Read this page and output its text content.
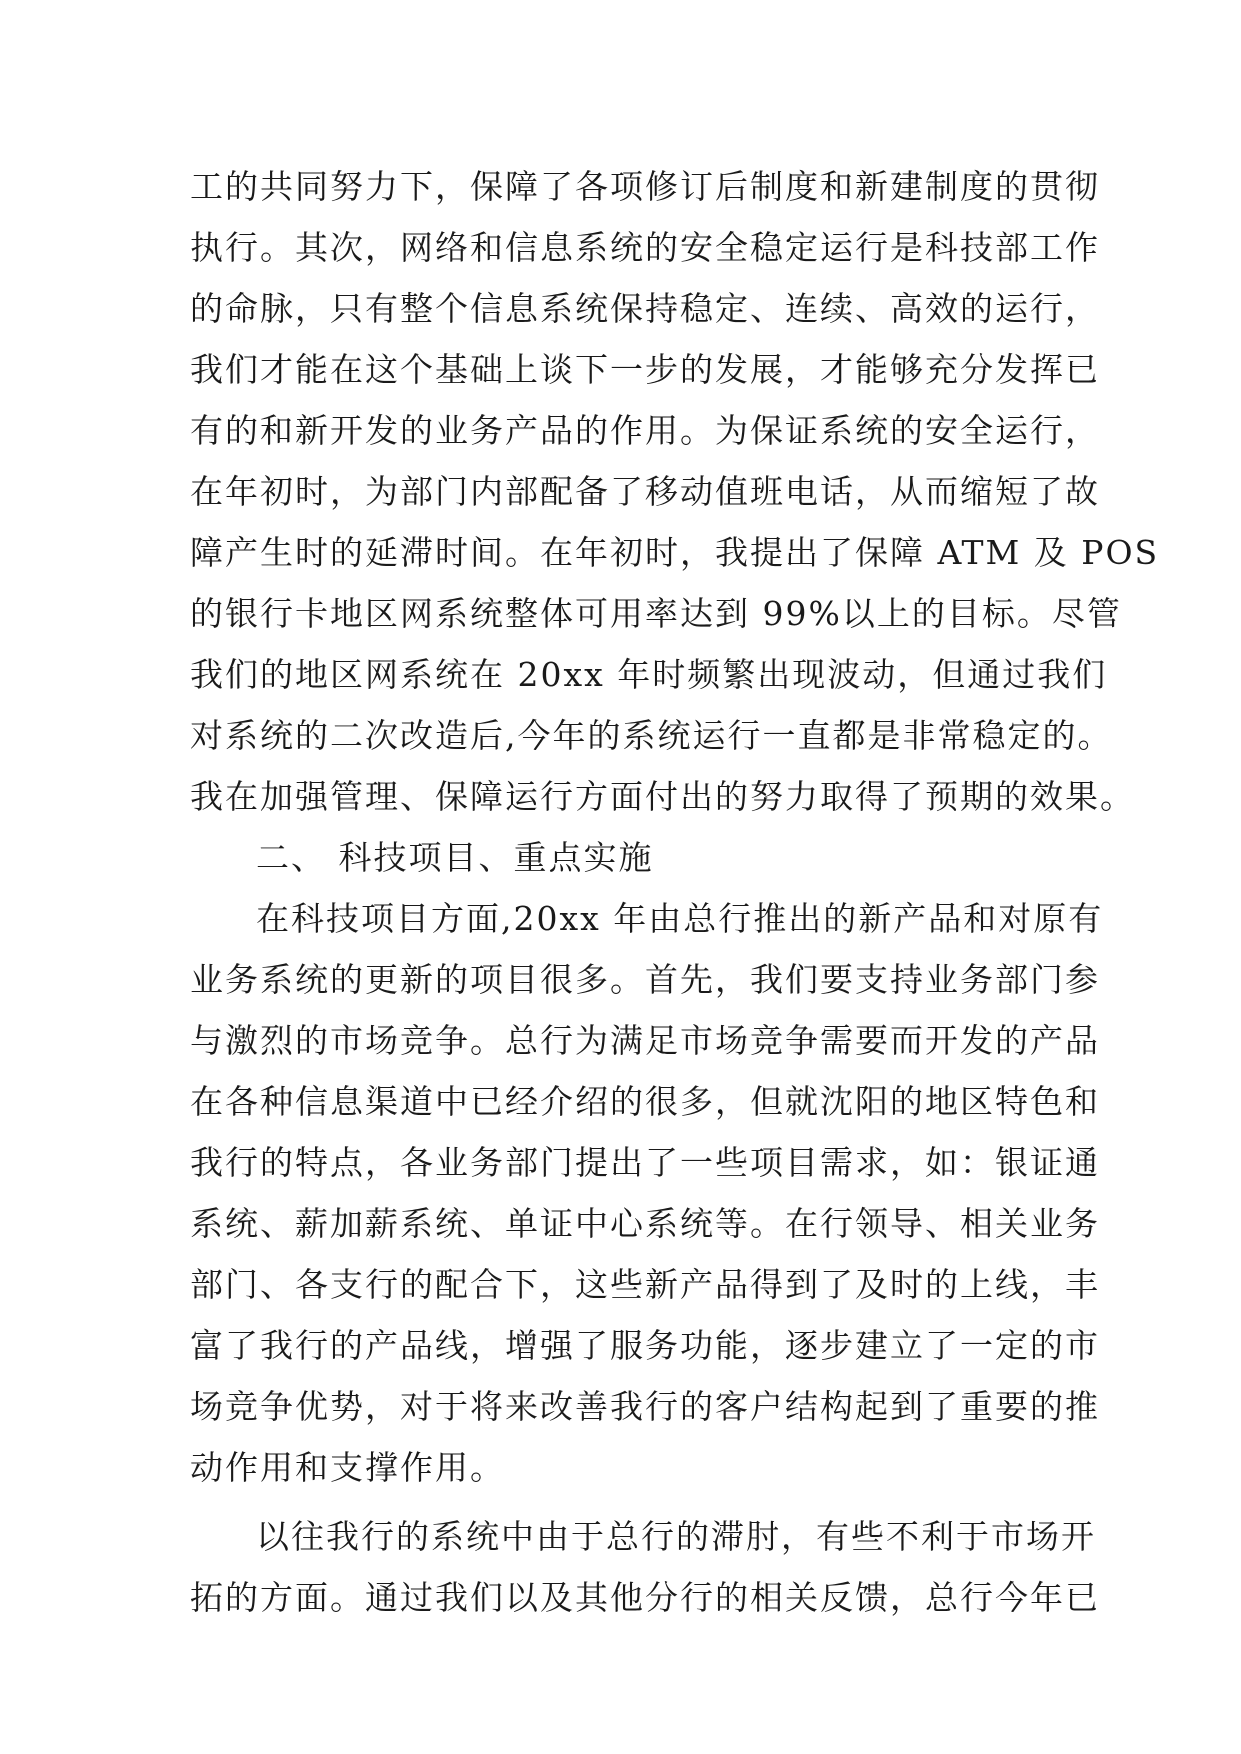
工的共同努力下，保障了各项修订后制度和新建制度的贯彻
执行。其次，网络和信息系统的安全稳定运行是科技部工作
的命脉，只有整个信息系统保持稳定、连续、高效的运行，
我们才能在这个基础上谈下一步的发展，才能够充分发挥已
有的和新开发的业务产品的作用。为保证系统的安全运行，
在年初时，为部门内部配备了移动值班电话，从而缩短了故
障产生时的延滞时间。在年初时，我提出了保障 ATM 及 POS
的银行卡地区网系统整体可用率达到 99%以上的目标。尽管
我们的地区网系统在 20xx 年时频繁出现波动，但通过我们
对系统的二次改造后,今年的系统运行一直都是非常稳定的。
我在加强管理、保障运行方面付出的努力取得了预期的效果。
二、 科技项目、重点实施
在科技项目方面,20xx 年由总行推出的新产品和对原有
业务系统的更新的项目很多。首先，我们要支持业务部门参
与激烈的市场竞争。总行为满足市场竞争需要而开发的产品
在各种信息渠道中已经介绍的很多，但就沈阳的地区特色和
我行的特点，各业务部门提出了一些项目需求，如：银证通
系统、薪加薪系统、单证中心系统等。在行领导、相关业务
部门、各支行的配合下，这些新产品得到了及时的上线，丰
富了我行的产品线，增强了服务功能，逐步建立了一定的市
场竞争优势，对于将来改善我行的客户结构起到了重要的推
动作用和支撑作用。
以往我行的系统中由于总行的滞肘，有些不利于市场开
拓的方面。通过我们以及其他分行的相关反馈，总行今年已
